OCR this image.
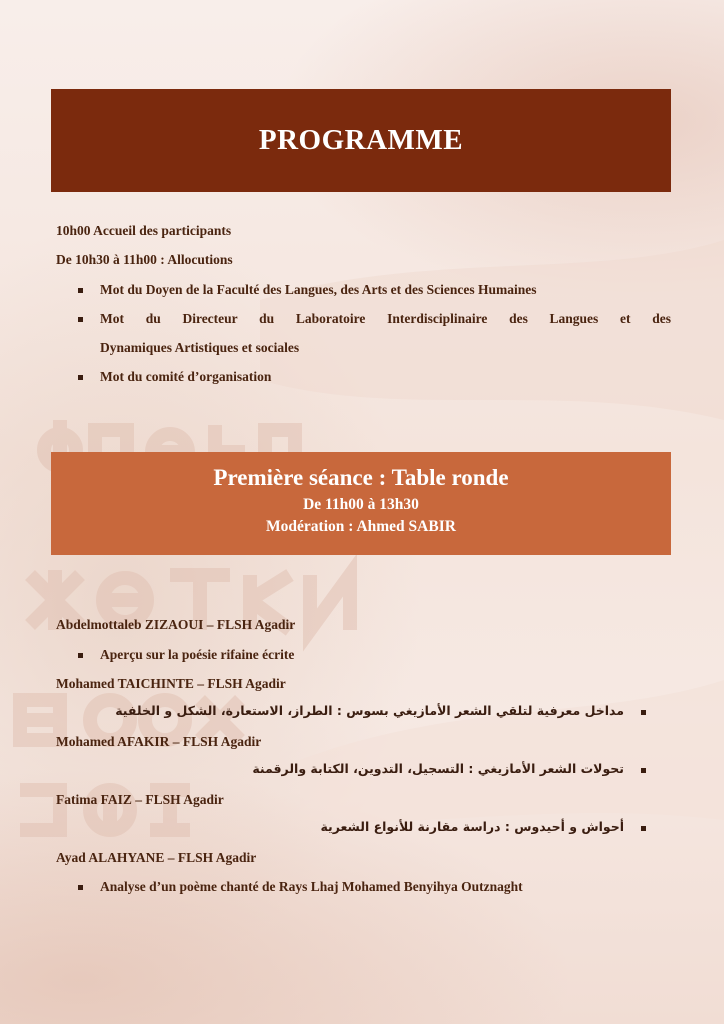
PROGRAMME
10h00 Accueil des participants
De 10h30 à 11h00 : Allocutions
Mot du Doyen de la Faculté des Langues, des Arts et des Sciences Humaines
Mot du Directeur du Laboratoire Interdisciplinaire des Langues et des
Dynamiques Artistiques et sociales
Mot du comité d’organisation
Première séance : Table ronde
De 11h00 à 13h30
Modération : Ahmed SABIR
Abdelmottaleb ZIZAOUI – FLSH Agadir
Aperçu sur la poésie rifaine écrite
Mohamed TAICHINTE – FLSH Agadir
مداخل معرفية لتلقي الشعر الأمازيغي بسوس : الطراز، الاستعارة، الشكل و الخلفية
Mohamed AFAKIR – FLSH Agadir
تحولات الشعر الأمازيغي : التسجيل، التدوين، الكتابة والرقمنة
Fatima FAIZ – FLSH Agadir
أحواش و أحيدوس : دراسة مقارنة للأنواع الشعرية
Ayad ALAHYANE – FLSH Agadir
Analyse d’un poème chanté de Rays Lhaj Mohamed Benyihya Outznaght
